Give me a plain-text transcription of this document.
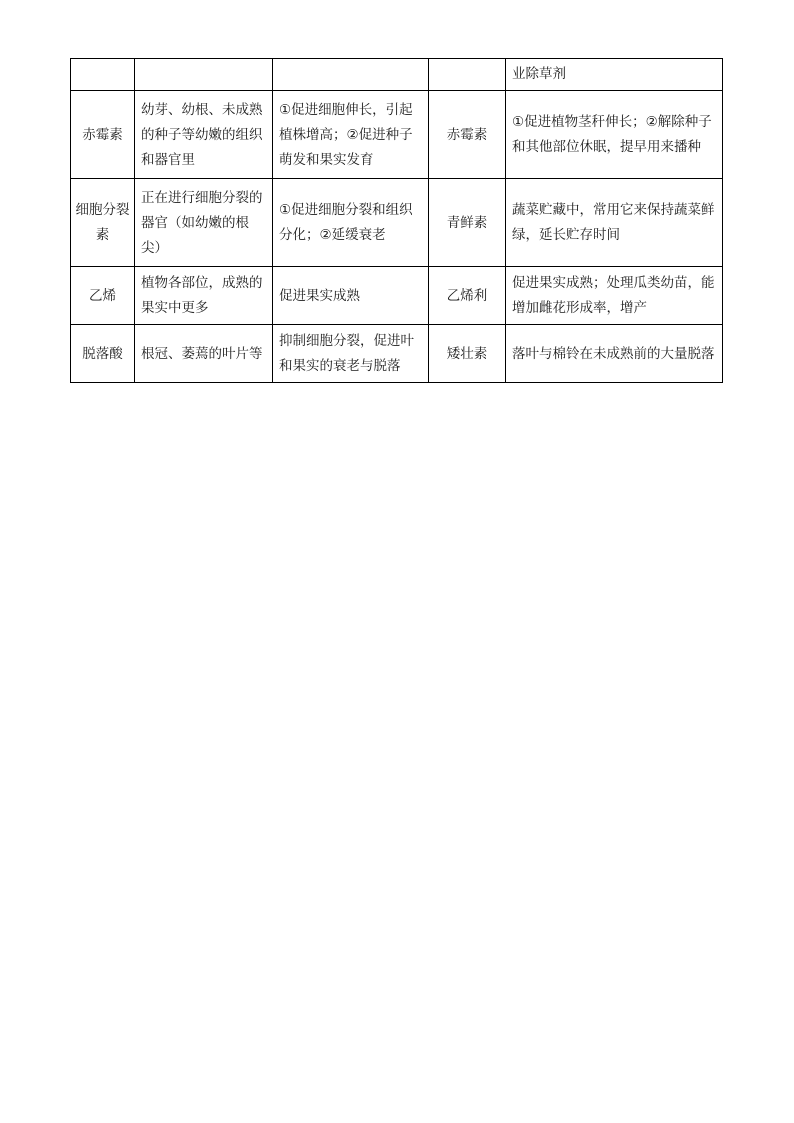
				业除草剂
赤霉素	幼芽、幼根、未成熟的种子等幼嫩的组织和器官里	①促进细胞伸长，引起植株增高；②促进种子萌发和果实发育	赤霉素	①促进植物茎秆伸长；②解除种子和其他部位休眠，提早用来播种
细胞分裂素	正在进行细胞分裂的器官（如幼嫩的根尖）	①促进细胞分裂和组织分化；②延缓衰老	青鲜素	蔬菜贮藏中，常用它来保持蔬菜鲜绿，延长贮存时间
乙烯	植物各部位，成熟的果实中更多	促进果实成熟	乙烯利	促进果实成熟；处理瓜类幼苗，能增加雌花形成率，增产
脱落酸	根冠、萎蔫的叶片等	抑制细胞分裂，促进叶和果实的衰老与脱落	矮壮素	落叶与棉铃在未成熟前的大量脱落
